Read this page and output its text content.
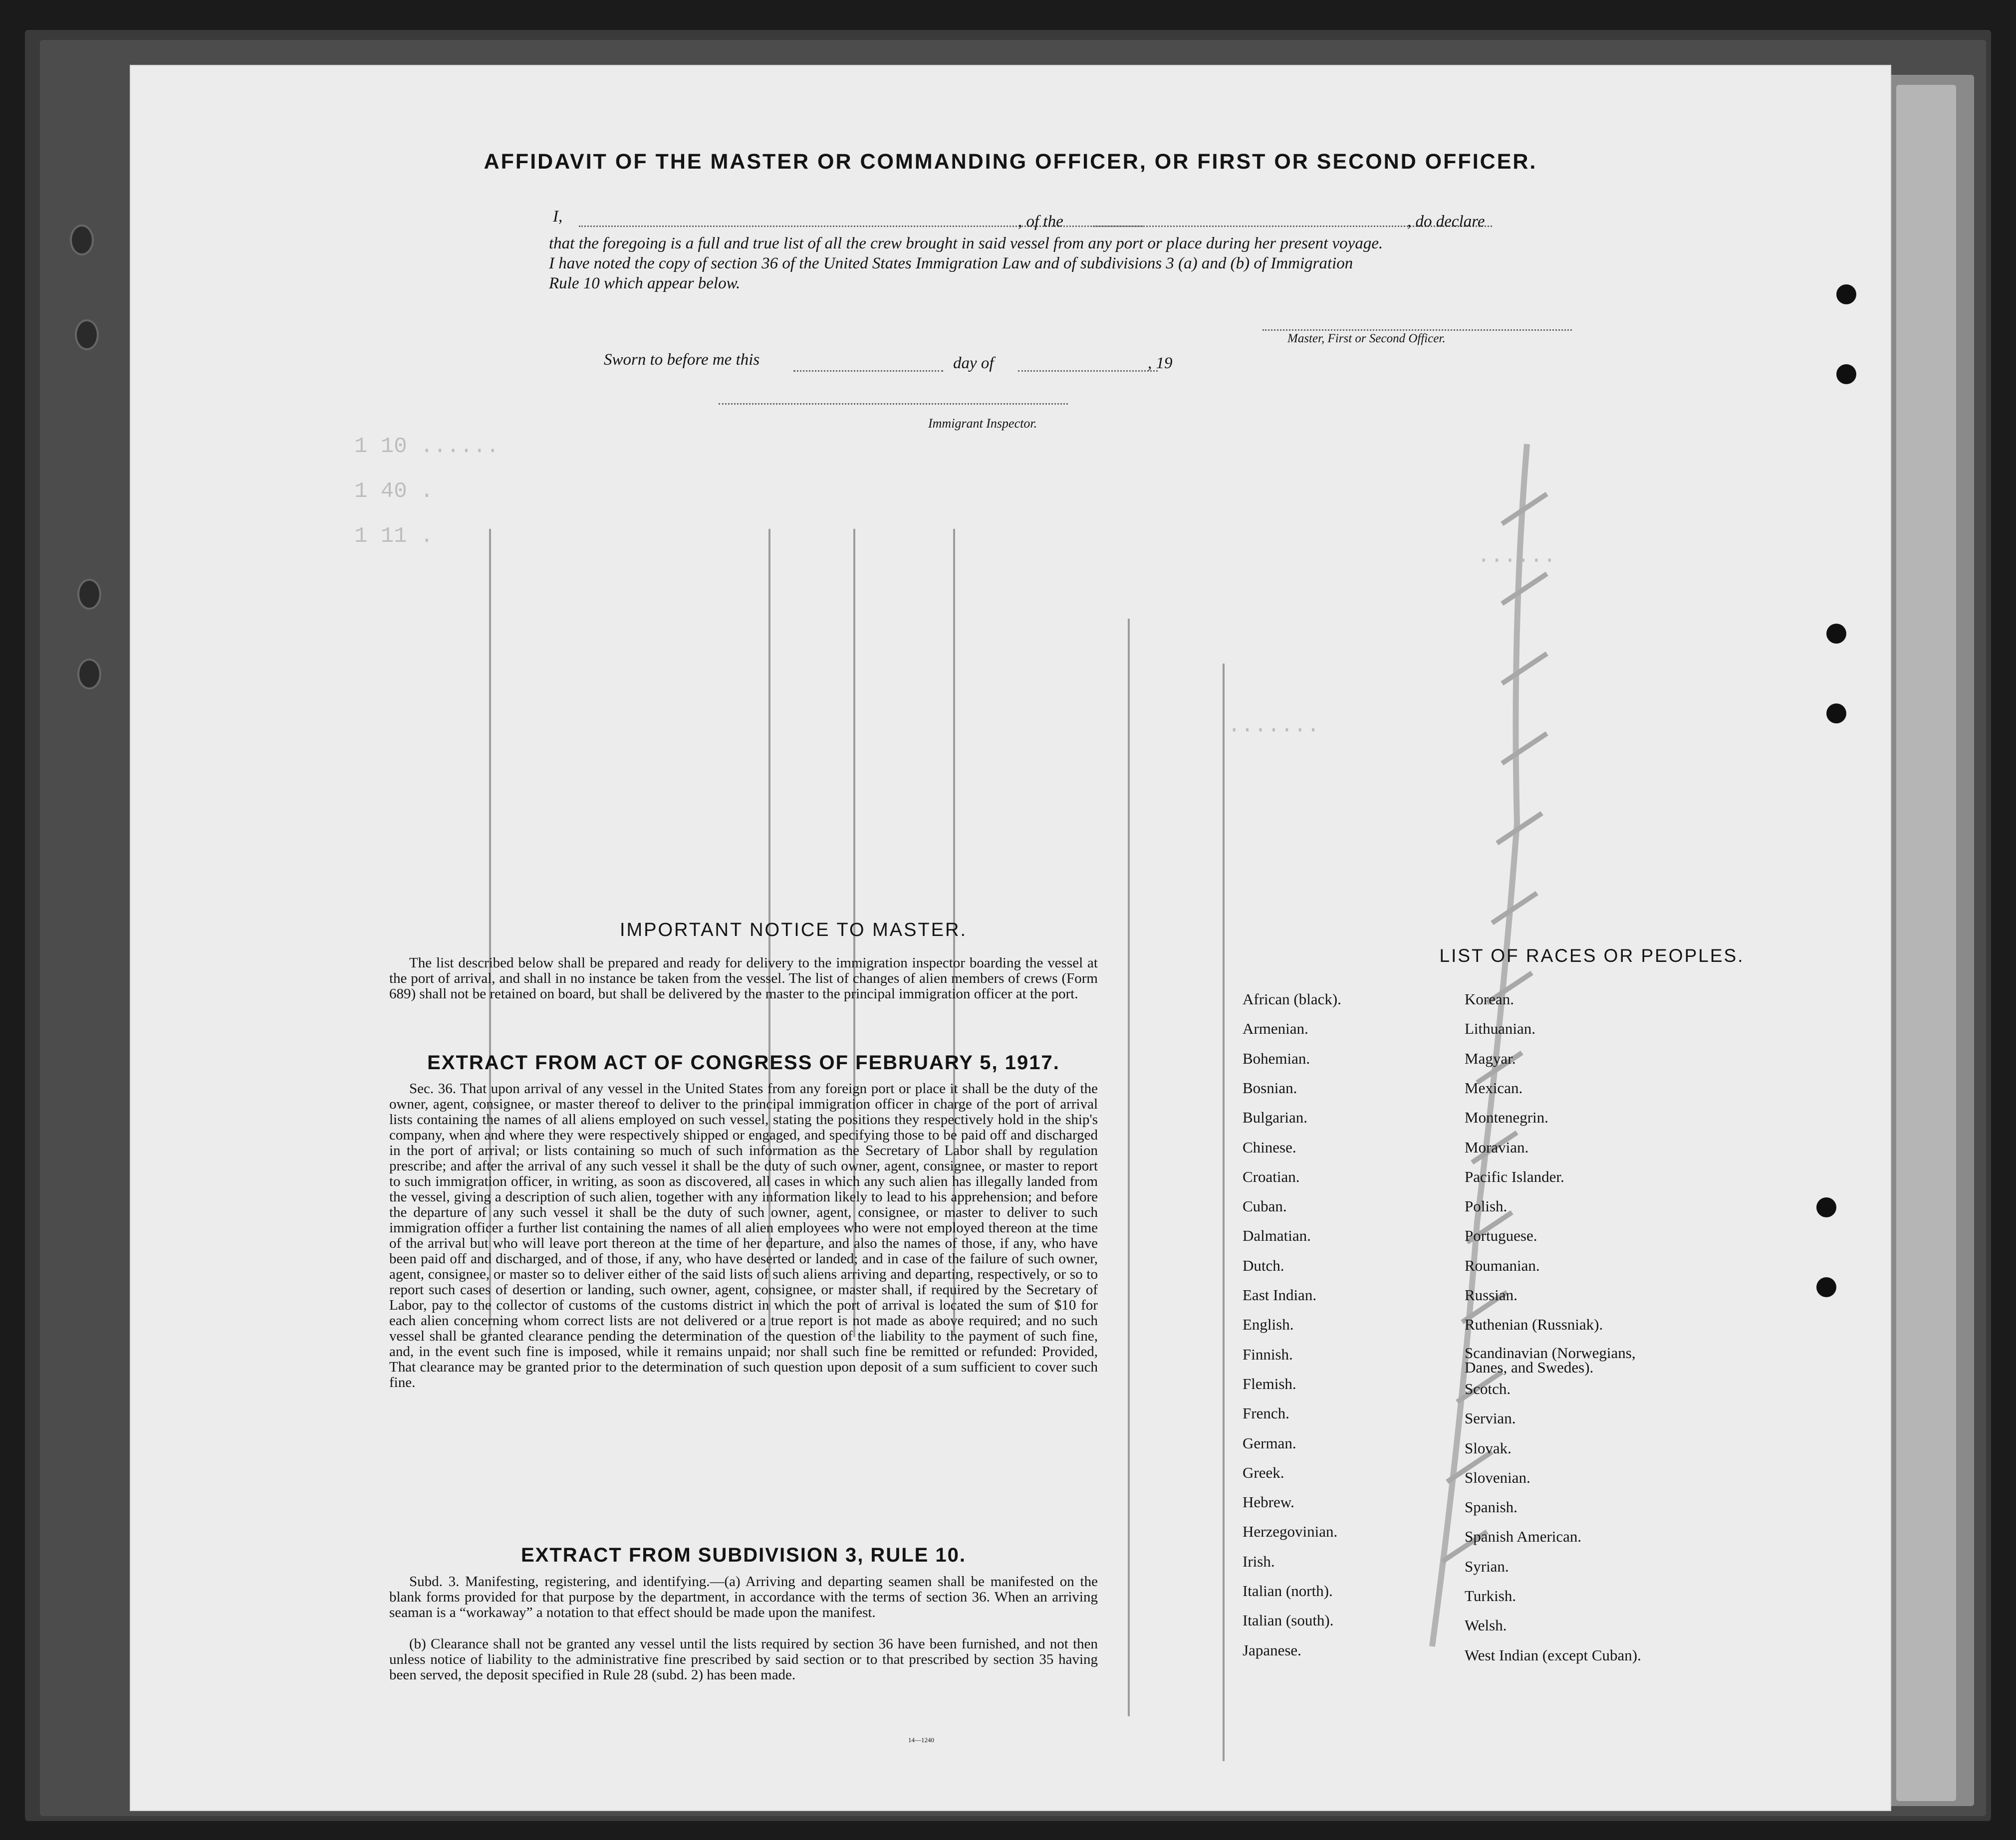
1 10 ......
1 40 .
1 11 .
......
.......
AFFIDAVIT OF THE MASTER OR COMMANDING OFFICER, OR FIRST OR SECOND OFFICER.
I,	, of the	, do declare
that the foregoing is a full and true list of all the crew brought in said vessel from any port or place during her present voyage.
I have noted the copy of section 36 of the United States Immigration Law and of subdivisions 3 (a) and (b) of Immigration
Rule 10 which appear below.
Master, First or Second Officer.
Sworn to before me this	day of	, 19
Immigrant Inspector.
IMPORTANT NOTICE TO MASTER.
The list described below shall be prepared and ready for delivery to the immigration inspector boarding the vessel at the port of arrival, and shall in no instance be taken from the vessel. The list of changes of alien members of crews (Form 689) shall not be retained on board, but shall be delivered by the master to the principal immigration officer at the port.
EXTRACT FROM ACT OF CONGRESS OF FEBRUARY 5, 1917.
Sec. 36. That upon arrival of any vessel in the United States from any foreign port or place it shall be the duty of the owner, agent, consignee, or master thereof to deliver to the principal immigration officer in charge of the port of arrival lists containing the names of all aliens employed on such vessel, stating the positions they respectively hold in the ship's company, when and where they were respectively shipped or engaged, and specifying those to be paid off and discharged in the port of arrival; or lists containing so much of such information as the Secretary of Labor shall by regulation prescribe; and after the arrival of any such vessel it shall be the duty of such owner, agent, consignee, or master to report to such immigration officer, in writing, as soon as discovered, all cases in which any such alien has illegally landed from the vessel, giving a description of such alien, together with any information likely to lead to his apprehension; and before the departure of any such vessel it shall be the duty of such owner, agent, consignee, or master to deliver to such immigration officer a further list containing the names of all alien employees who were not employed thereon at the time of the arrival but who will leave port thereon at the time of her departure, and also the names of those, if any, who have been paid off and discharged, and of those, if any, who have deserted or landed; and in case of the failure of such owner, agent, consignee, or master so to deliver either of the said lists of such aliens arriving and departing, respectively, or so to report such cases of desertion or landing, such owner, agent, consignee, or master shall, if required by the Secretary of Labor, pay to the collector of customs of the customs district in which the port of arrival is located the sum of $10 for each alien concerning whom correct lists are not delivered or a true report is not made as above required; and no such vessel shall be granted clearance pending the determination of the question of the liability to the payment of such fine, and, in the event such fine is imposed, while it remains unpaid; nor shall such fine be remitted or refunded: Provided, That clearance may be granted prior to the determination of such question upon deposit of a sum sufficient to cover such fine.
EXTRACT FROM SUBDIVISION 3, RULE 10.
Subd. 3. Manifesting, registering, and identifying.—(a) Arriving and departing seamen shall be manifested on the blank forms provided for that purpose by the department, in accordance with the terms of section 36. When an arriving seaman is a “workaway” a notation to that effect should be made upon the manifest.
(b) Clearance shall not be granted any vessel until the lists required by section 36 have been furnished, and not then unless notice of liability to the administrative fine prescribed by said section or to that prescribed by section 35 having been served, the deposit specified in Rule 28 (subd. 2) has been made.
14—1240
LIST OF RACES OR PEOPLES.
African (black).
Armenian.
Bohemian.
Bosnian.
Bulgarian.
Chinese.
Croatian.
Cuban.
Dalmatian.
Dutch.
East Indian.
English.
Finnish.
Flemish.
French.
German.
Greek.
Hebrew.
Herzegovinian.
Irish.
Italian (north).
Italian (south).
Japanese.
Korean.
Lithuanian.
Magyar.
Mexican.
Montenegrin.
Moravian.
Pacific Islander.
Polish.
Portuguese.
Roumanian.
Russian.
Ruthenian (Russniak).
Scandinavian (Norwegians, Danes, and Swedes).
Scotch.
Servian.
Slovak.
Slovenian.
Spanish.
Spanish American.
Syrian.
Turkish.
Welsh.
West Indian (except Cuban).
